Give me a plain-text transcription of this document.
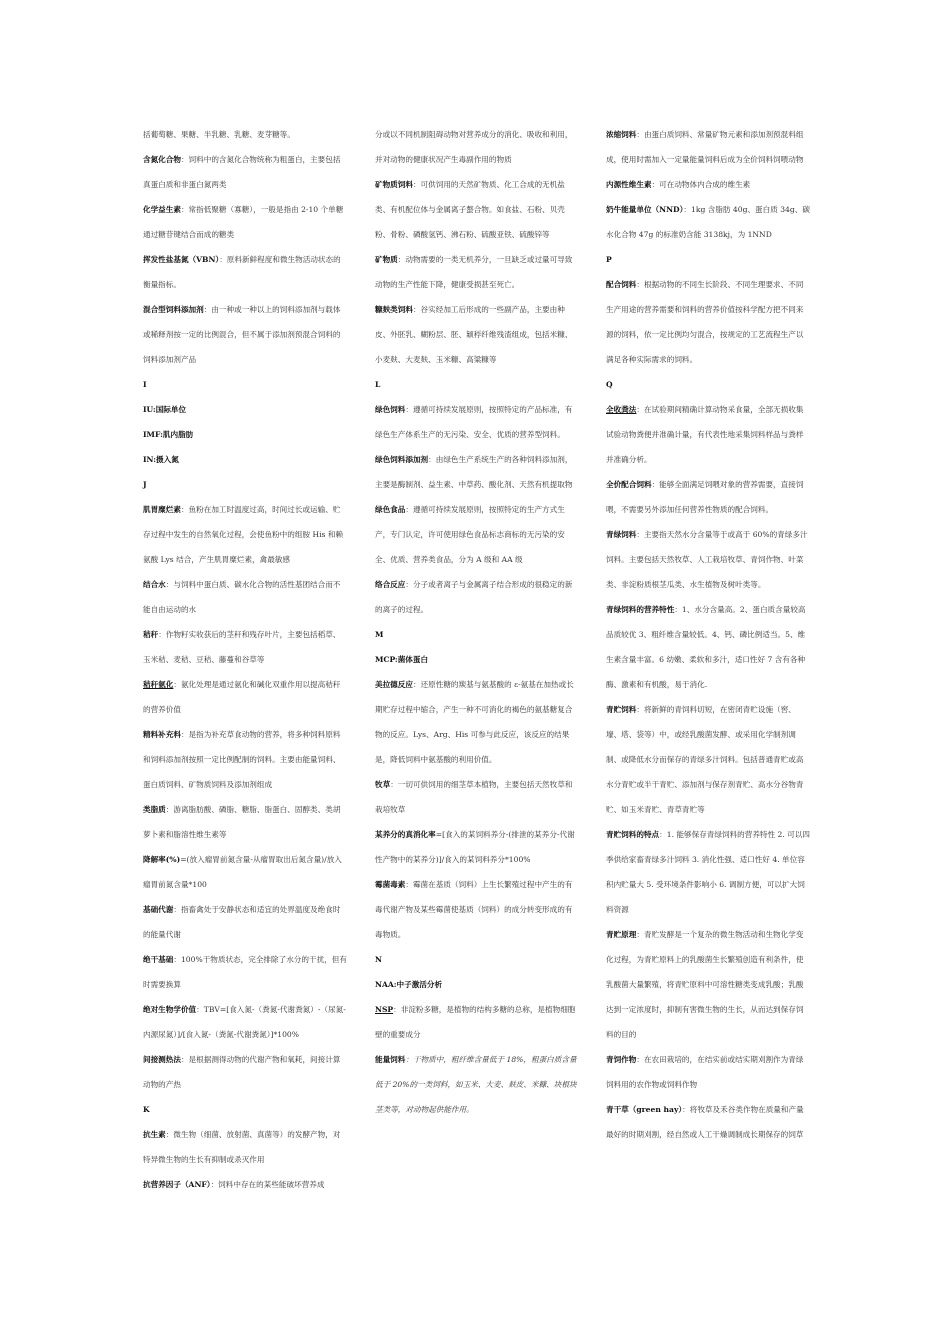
括葡萄糖、果糖、半乳糖、乳糖、麦芽糖等。

含氮化合物：饲料中的含氮化合物统称为粗蛋白，主要包括真蛋白质和非蛋白氮两类

化学益生素：常指低聚糖（寡糖），一般是指由 2-10 个单糖通过糖苷键结合而成的糖类

挥发性盐基氮（VBN）：原料新鲜程度和微生物活动状态的衡量指标。

混合型饲料添加剂：由一种或一种以上的饲料添加剂与载体或稀释剂按一定的比例混合，但不属于添加剂预混合饲料的饲料添加剂产品

I

IU:国际单位

IMF:肌内脂肪

IN:摄入氮

J

肌胃糜烂素：鱼粉在加工时温度过高，时间过长或运输、贮存过程中发生的自然氧化过程，会使鱼粉中的组胺 His 和赖氨酸 Lys 结合，产生肌胃糜烂素，禽最敏感

结合水：与饲料中蛋白质、碳水化合物的活性基团结合而不能自由运动的水

秸秆：作物籽实收获后的茎秆和残存叶片，主要包括稻草、玉米秸、麦秸、豆秸、藤蔓和谷草等

秸秆氨化：氨化处理是通过氨化和碱化双重作用以提高秸秆的营养价值

精料补充料：是指为补充草食动物的营养，将多种饲料原料和饲料添加剂按照一定比例配制的饲料。主要由能量饲料、蛋白质饲料、矿物质饲料及添加剂组成

类脂质：游离脂肪酸、磷脂、糖脂、脂蛋白、固醇类、类胡萝卜素和脂溶性维生素等

降解率(%)=(放入瘤胃前氮含量-从瘤胃取出后氮含量)/放入瘤胃前氮含量*100

基础代谢：指畜禽处于安静状态和适宜的处界温度及绝食时的能量代谢

绝干基础：100%干物质状态，完全排除了水分的干扰，但有时需要换算

绝对生物学价值：TBV=[食入氮-（粪氮-代谢粪氮）-（尿氮-内源尿氮）]/[食入氮-（粪氮-代谢粪氮）]*100%

间接测热法：是根据测得动物的代谢产物和氧耗，间接计算动物的产热

K

抗生素：微生物（细菌、放射菌、真菌等）的发酵产物，对特异微生物的生长有抑制或杀灭作用

抗营养因子（ANF）：饲料中存在的某些能破坏营养成

分或以不同机制阻碍动物对营养成分的消化、吸收和利用，并对动物的健康状况产生毒副作用的物质

矿物质饲料：可供饲用的天然矿物质、化工合成的无机盐类、有机配位体与金属离子螯合物。如食盐、石粉、贝壳粉、骨粉、磷酸氢钙、沸石粉、硫酸亚铁、硫酸锌等

矿物质：动物需要的一类无机养分，一旦缺乏或过量可导致动物的生产性能下降，健康受损甚至死亡。

糠麸类饲料：谷实经加工后形成的一些副产品，主要由种皮、外胚乳、糊粉层、胚、颖稃纤维残渣组成，包括米糠、小麦麸、大麦麸、玉米糠、高粱糠等

L

绿色饲料：遵循可持续发展原则，按照特定的产品标准，有绿色生产体系生产的无污染、安全、优质的营养型饲料。

绿色饲料添加剂：由绿色生产系统生产的各种饲料添加剂，主要是酶制剂、益生素、中草药、酸化剂、天然有机提取物

绿色食品：遵循可持续发展原则，按照特定的生产方式生产，专门认定，许可使用绿色食品标志商标的无污染的安全、优质、营养类食品，分为 A 级和 AA 级

络合反应：分子或者离子与金属离子结合形成的很稳定的新的离子的过程。

M

MCP:菌体蛋白

美拉德反应：还原性糖的羰基与氨基酸的 ε-氨基在加热或长期贮存过程中缩合，产生一种不可消化的褐色的氨基糖复合物的反应。Lys、Arg、His 可参与此反应，该反应的结果是，降低饲料中氨基酸的利用价值。

牧草：一切可供饲用的细茎草本植物，主要包括天然牧草和栽培牧草

某养分的真消化率=[食入的某饲料养分-(排泄的某养分-代谢性产物中的某养分)]/食入的某饲料养分*100%

霉菌毒素：霉菌在基质（饲料）上生长繁殖过程中产生的有毒代谢产物及某些霉菌使基质（饲料）的成分转变形成的有毒物质。

N

NAA:中子激活分析

NSP：非淀粉多糖，是植物的结构多糖的总称，是植物细胞壁的重要成分

能量饲料：干物质中，粗纤维含量低于 18%，粗蛋白质含量低于 20%的一类饲料，如玉米、大麦、麸皮、米糠、块根块茎类等，对动物起供能作用。

浓缩饲料：由蛋白质饲料、常量矿物元素和添加剂预混料组成，使用时需加入一定量能量饲料后成为全价饲料饲喂动物

内源性维生素：可在动物体内合成的维生素

奶牛能量单位（NND）：1kg 含脂肪 40g、蛋白质 34g、碳水化合物 47g 的标准奶含能 3138kj，为 1NND

P

配合饲料：根据动物的不同生长阶段、不同生理要求、不同生产用途的营养需要和饲料的营养价值按科学配方把不同来源的饲料，依一定比例均匀混合，按规定的工艺流程生产以满足各种实际需求的饲料。

Q

全收粪法：在试验期间精确计算动物采食量，全部无损收集试验动物粪便并准确计量，有代表性地采集饲料样品与粪样并准确分析。

全价配合饲料：能够全面满足饲喂对象的营养需要，直接饲喂，不需要另外添加任何营养性物质的配合饲料。

青绿饲料：主要指天然水分含量等于或高于 60%的青绿多汁饲料。主要包括天然牧草、人工栽培牧草、青饲作物、叶菜类、非淀粉质根茎瓜类、水生植物及树叶类等。

青绿饲料的营养特性：1、水分含量高。2、蛋白质含量较高品质较优 3、粗纤维含量较低。4、钙、磷比例适当。5、维生素含量丰富。6 幼嫩、柔软和多汁，适口性好 7 含有各种酶、激素和有机酸，易于消化.

青贮饲料：将新鲜的青饲料切短，在密闭青贮设施（窖、壕、塔、袋等）中，或经乳酸菌发酵、或采用化学制剂调制、或降低水分而保存的青绿多汁饲料。包括普通青贮或高水分青贮或半干青贮、添加剂与保存剂青贮、高水分谷物青贮、如玉米青贮、青草青贮等

青贮饲料的特点：1. 能够保存青绿饲料的营养特性 2. 可以四季供给家畜青绿多汁饲料 3. 消化性强、适口性好 4. 单位容积内贮量大 5. 受环境条件影响小 6. 调制方便，可以扩大饲料资源

青贮原理：青贮发酵是一个复杂的微生物活动和生物化学变化过程，为青贮原料上的乳酸菌生长繁殖创造有利条件，使乳酸菌大量繁殖，将青贮原料中可溶性糖类变成乳酸；乳酸达到一定浓度时，抑制有害微生物的生长，从而达到保存饲料的目的

青饲作物：在农田栽培的，在结实前或结实期刈割作为青绿饲料用的农作物或饲料作物

青干草（green hay）：将牧草及禾谷类作物在质量和产量最好的时期刈割，经自然或人工干燥调制成长期保存的饲草
